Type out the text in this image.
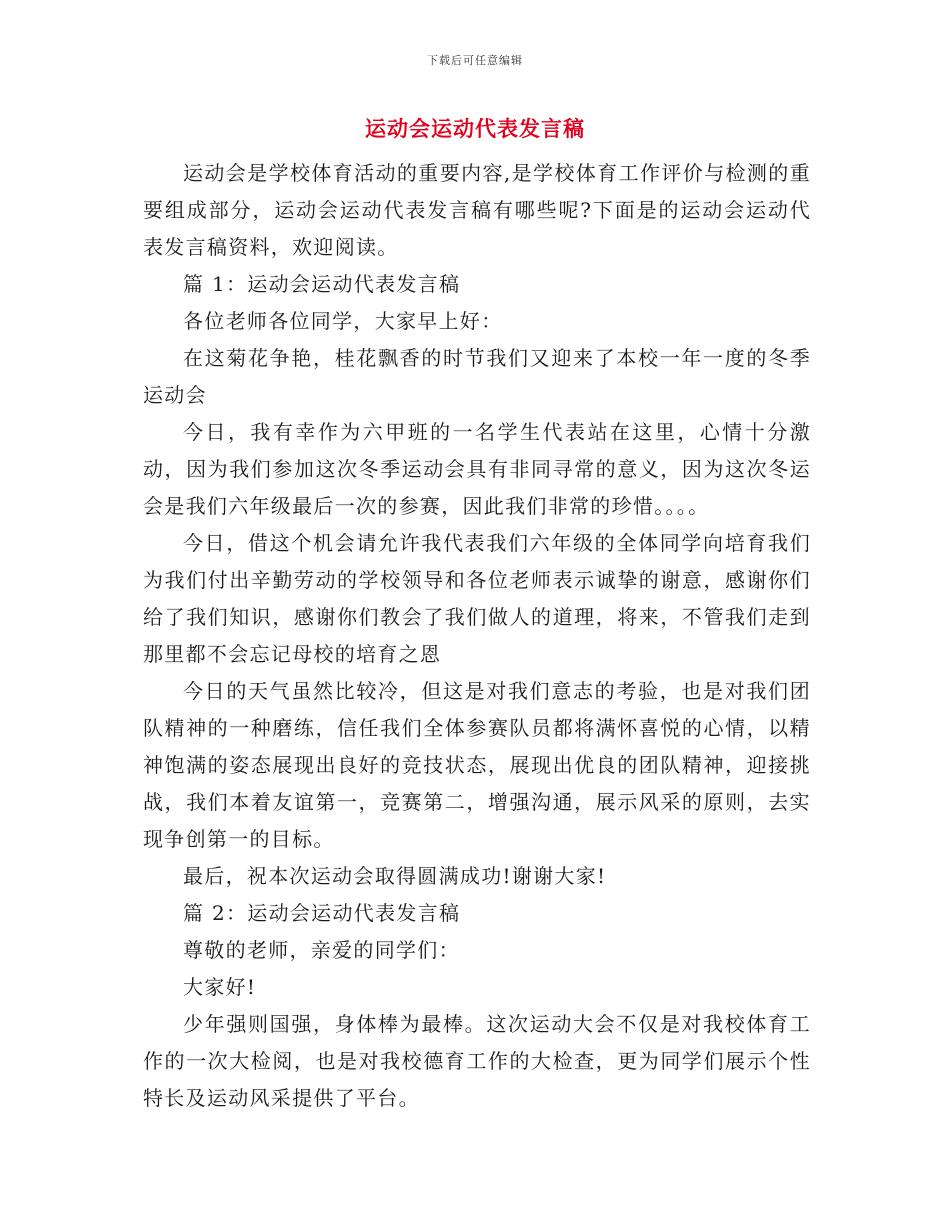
下载后可任意编辑
运动会运动代表发言稿

运动会是学校体育活动的重要内容,是学校体育工作评价与检测的重要组成部分，运动会运动代表发言稿有哪些呢?下面是的运动会运动代表发言稿资料，欢迎阅读。

篇 1：运动会运动代表发言稿

各位老师各位同学，大家早上好：

在这菊花争艳，桂花飘香的时节我们又迎来了本校一年一度的冬季运动会

今日，我有幸作为六甲班的一名学生代表站在这里，心情十分激动，因为我们参加这次冬季运动会具有非同寻常的意义，因为这次冬运会是我们六年级最后一次的参赛，因此我们非常的珍惜。。。。

今日，借这个机会请允许我代表我们六年级的全体同学向培育我们为我们付出辛勤劳动的学校领导和各位老师表示诚挚的谢意，感谢你们给了我们知识，感谢你们教会了我们做人的道理，将来，不管我们走到那里都不会忘记母校的培育之恩

今日的天气虽然比较冷，但这是对我们意志的考验，也是对我们团队精神的一种磨练，信任我们全体参赛队员都将满怀喜悦的心情，以精神饱满的姿态展现出良好的竞技状态，展现出优良的团队精神，迎接挑战，我们本着友谊第一，竞赛第二，增强沟通，展示风采的原则，去实现争创第一的目标。

最后，祝本次运动会取得圆满成功!谢谢大家!

篇 2：运动会运动代表发言稿

尊敬的老师，亲爱的同学们：

大家好!

少年强则国强，身体棒为最棒。这次运动大会不仅是对我校体育工作的一次大检阅，也是对我校德育工作的大检查，更为同学们展示个性特长及运动风采提供了平台。
